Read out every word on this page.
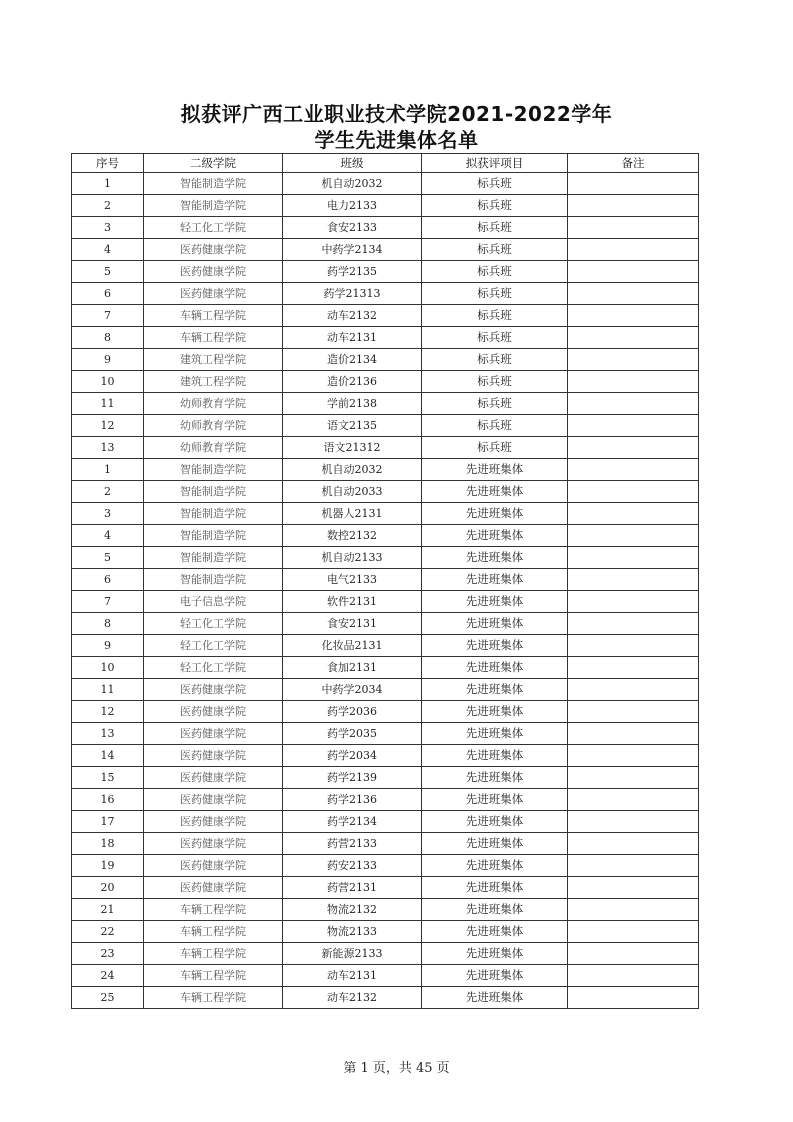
拟获评广西工业职业技术学院2021-2022学年
学生先进集体名单
序号	二级学院	班级	拟获评项目	备注
1	智能制造学院	机自动2032	标兵班	
2	智能制造学院	电力2133	标兵班	
3	轻工化工学院	食安2133	标兵班	
4	医药健康学院	中药学2134	标兵班	
5	医药健康学院	药学2135	标兵班	
6	医药健康学院	药学21313	标兵班	
7	车辆工程学院	动车2132	标兵班	
8	车辆工程学院	动车2131	标兵班	
9	建筑工程学院	造价2134	标兵班	
10	建筑工程学院	造价2136	标兵班	
11	幼师教育学院	学前2138	标兵班	
12	幼师教育学院	语文2135	标兵班	
13	幼师教育学院	语文21312	标兵班	
1	智能制造学院	机自动2032	先进班集体	
2	智能制造学院	机自动2033	先进班集体	
3	智能制造学院	机器人2131	先进班集体	
4	智能制造学院	数控2132	先进班集体	
5	智能制造学院	机自动2133	先进班集体	
6	智能制造学院	电气2133	先进班集体	
7	电子信息学院	软件2131	先进班集体	
8	轻工化工学院	食安2131	先进班集体	
9	轻工化工学院	化妆品2131	先进班集体	
10	轻工化工学院	食加2131	先进班集体	
11	医药健康学院	中药学2034	先进班集体	
12	医药健康学院	药学2036	先进班集体	
13	医药健康学院	药学2035	先进班集体	
14	医药健康学院	药学2034	先进班集体	
15	医药健康学院	药学2139	先进班集体	
16	医药健康学院	药学2136	先进班集体	
17	医药健康学院	药学2134	先进班集体	
18	医药健康学院	药营2133	先进班集体	
19	医药健康学院	药安2133	先进班集体	
20	医药健康学院	药营2131	先进班集体	
21	车辆工程学院	物流2132	先进班集体	
22	车辆工程学院	物流2133	先进班集体	
23	车辆工程学院	新能源2133	先进班集体	
24	车辆工程学院	动车2131	先进班集体	
25	车辆工程学院	动车2132	先进班集体	
第 1 页，共 45 页
